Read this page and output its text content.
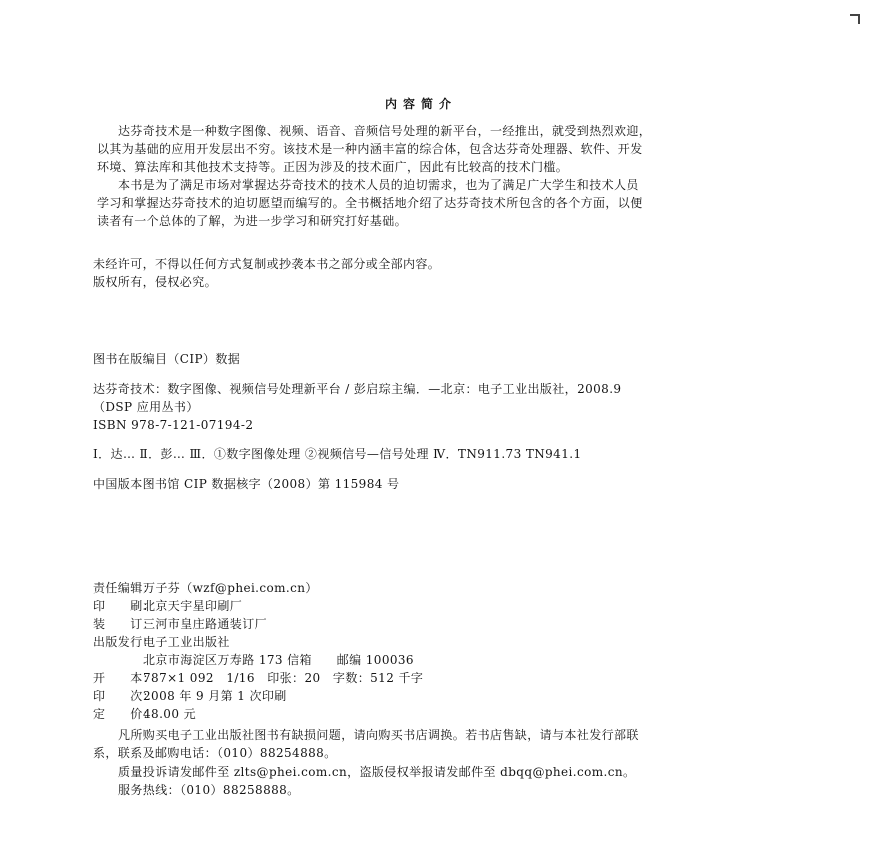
内容简介
达芬奇技术是一种数字图像、视频、语音、音频信号处理的新平台，一经推出，就受到热烈欢迎，
以其为基础的应用开发层出不穷。该技术是一种内涵丰富的综合体，包含达芬奇处理器、软件、开发
环境、算法库和其他技术支持等。正因为涉及的技术面广，因此有比较高的技术门槛。
本书是为了满足市场对掌握达芬奇技术的技术人员的迫切需求，也为了满足广大学生和技术人员
学习和掌握达芬奇技术的迫切愿望而编写的。全书概括地介绍了达芬奇技术所包含的各个方面，以便
读者有一个总体的了解，为进一步学习和研究打好基础。
未经许可，不得以任何方式复制或抄袭本书之部分或全部内容。
版权所有，侵权必究。
图书在版编目（CIP）数据
达芬奇技术：数字图像、视频信号处理新平台 / 彭启琮主编．—北京：电子工业出版社，2008.9
（DSP 应用丛书）
ISBN 978-7-121-07194-2
Ⅰ．达… Ⅱ．彭… Ⅲ．①数字图像处理 ②视频信号—信号处理 Ⅳ．TN911.73 TN941.1
中国版本图书馆 CIP 数据核字（2008）第 115984 号
责任编辑：万子芬（wzf@phei.com.cn）
印　　刷：北京天宇星印刷厂
装　　订：三河市皇庄路通装订厂
出版发行：电子工业出版社
北京市海淀区万寿路 173 信箱　　邮编 100036
开　　本：787×1 092　1/16　印张：20　字数：512 千字
印　　次：2008 年 9 月第 1 次印刷
定　　价：48.00 元
凡所购买电子工业出版社图书有缺损问题，请向购买书店调换。若书店售缺，请与本社发行部联
系，联系及邮购电话：（010）88254888。
质量投诉请发邮件至 zlts@phei.com.cn，盗版侵权举报请发邮件至 dbqq@phei.com.cn。
服务热线：（010）88258888。
